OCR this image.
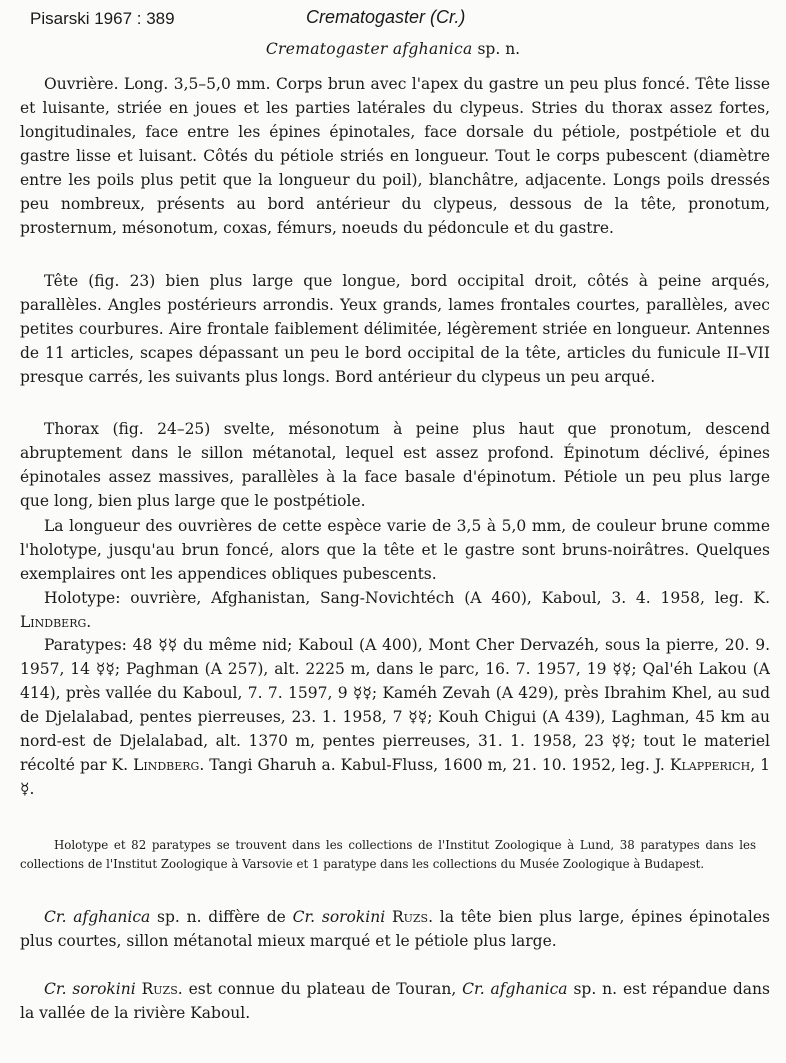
Pisarski 1967 : 389	Crematogaster (Cr.)
Crematogaster afghanica sp. n.

Ouvrière. Long. 3,5–5,0 mm. Corps brun avec l'apex du gastre un peu plus foncé. Tête lisse et luisante, striée en joues et les parties latérales du clypeus. Stries du thorax assez fortes, longitudinales, face entre les épines épinotales, face dorsale du pétiole, postpétiole et du gastre lisse et luisant. Côtés du pétiole striés en longueur. Tout le corps pubescent (diamètre entre les poils plus petit que la longueur du poil), blanchâtre, adjacente. Longs poils dressés peu nombreux, présents au bord antérieur du clypeus, dessous de la tête, pronotum, prosternum, mésonotum, coxas, fémurs, noeuds du pédoncule et du gastre.

Tête (fig. 23) bien plus large que longue, bord occipital droit, côtés à peine arqués, parallèles. Angles postérieurs arrondis. Yeux grands, lames frontales courtes, parallèles, avec petites courbures. Aire frontale faiblement délimitée, légèrement striée en longueur. Antennes de 11 articles, scapes dépassant un peu le bord occipital de la tête, articles du funicule II–VII presque carrés, les suivants plus longs. Bord antérieur du clypeus un peu arqué.

Thorax (fig. 24–25) svelte, mésonotum à peine plus haut que pronotum, descend abruptement dans le sillon métanotal, lequel est assez profond. Épinotum déclivé, épines épinotales assez massives, parallèles à la face basale d'épinotum. Pétiole un peu plus large que long, bien plus large que le postpétiole.

La longueur des ouvrières de cette espèce varie de 3,5 à 5,0 mm, de couleur brune comme l'holotype, jusqu'au brun foncé, alors que la tête et le gastre sont bruns-noirâtres. Quelques exemplaires ont les appendices obliques pubescents.

Holotype: ouvrière, Afghanistan, Sang-Novichtéch (A 460), Kaboul, 3. 4. 1958, leg. K. Lindberg.

Paratypes: 48 ☿☿ du même nid; Kaboul (A 400), Mont Cher Dervazéh, sous la pierre, 20. 9. 1957, 14 ☿☿; Paghman (A 257), alt. 2225 m, dans le parc, 16. 7. 1957, 19 ☿☿; Qal'éh Lakou (A 414), près vallée du Kaboul, 7. 7. 1597, 9 ☿☿; Kaméh Zevah (A 429), près Ibrahim Khel, au sud de Djelalabad, pentes pierreuses, 23. 1. 1958, 7 ☿☿; Kouh Chigui (A 439), Laghman, 45 km au nord-est de Djelalabad, alt. 1370 m, pentes pierreuses, 31. 1. 1958, 23 ☿☿; tout le materiel récolté par K. Lindberg. Tangi Gharuh a. Kabul-Fluss, 1600 m, 21. 10. 1952, leg. J. Klapperich, 1 ☿.

Holotype et 82 paratypes se trouvent dans les collections de l'Institut Zoologique à Lund, 38 paratypes dans les collections de l'Institut Zoologique à Varsovie et 1 paratype dans les collections du Musée Zoologique à Budapest.

Cr. afghanica sp. n. diffère de Cr. sorokini Ruzs. la tête bien plus large, épines épinotales plus courtes, sillon métanotal mieux marqué et le pétiole plus large.

Cr. sorokini Ruzs. est connue du plateau de Touran, Cr. afghanica sp. n. est répandue dans la vallée de la rivière Kaboul.
